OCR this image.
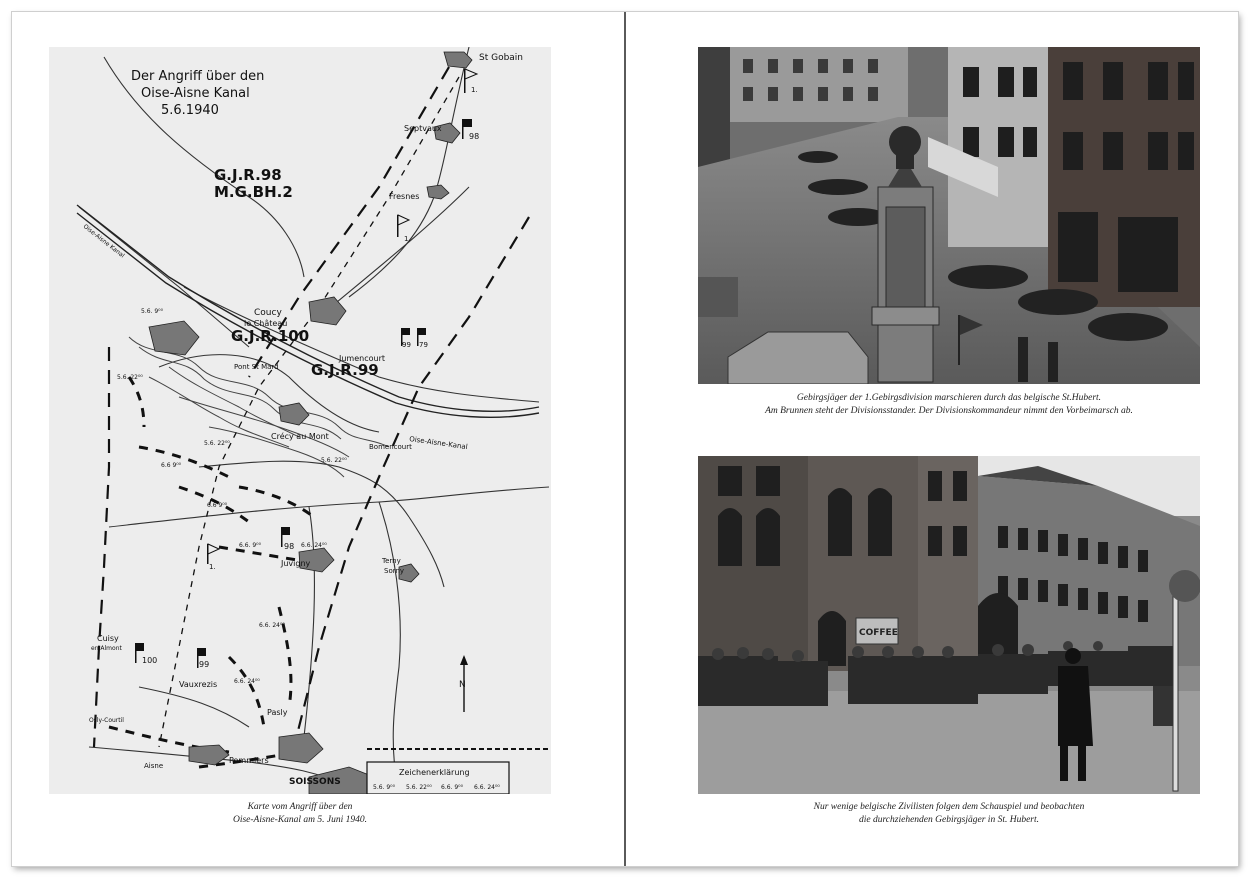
Der Angriff über den
Oise-Aisne Kanal
5.6.1940
G.J.R.98
M.G.BH.2
G.J.R.100
G.J.R.99
St Gobain
Septvaux
Fresnes
Coucy
le Château
Jumencourt
Pont St Mard
Crécy au Mont
Bomencourt
Juvigny	Terny
Sorny
Cuisy
en Almont
Vauxrezis
Pasly
Osly-Courtil
Pommiers
SOISSONS
Aisne
Oise-Aisne-Kanal
Oise-Aisne Kanal
1.
98
1.
99 79
98
1.
100	99
5.6. 9⁰⁰
5.6. 22⁰⁰
6.6 9⁰⁰
6.6 9⁰⁰
5.6. 22⁰⁰
5.6. 22⁰⁰
6.6. 9⁰⁰	6.6. 24⁰⁰
6.6. 24⁰⁰
6.6. 24⁰⁰	N
Zeichenerklärung
5.6. 9⁰⁰ 5.6. 22⁰⁰ 6.6. 9⁰⁰ 6.6. 24⁰⁰
Karte vom Angriff über den
Oise-Aisne-Kanal am 5. Juni 1940.
Gebirgsjäger der 1.Gebirgsdivision marschieren durch das belgische St.Hubert.
Am Brunnen steht der Divisionsstander. Der Divisionskommandeur nimmt den Vorbeimarsch ab.
COFFEE
Nur wenige belgische Zivilisten folgen dem Schauspiel und beobachten
die durchziehenden Gebirgsjäger in St. Hubert.
